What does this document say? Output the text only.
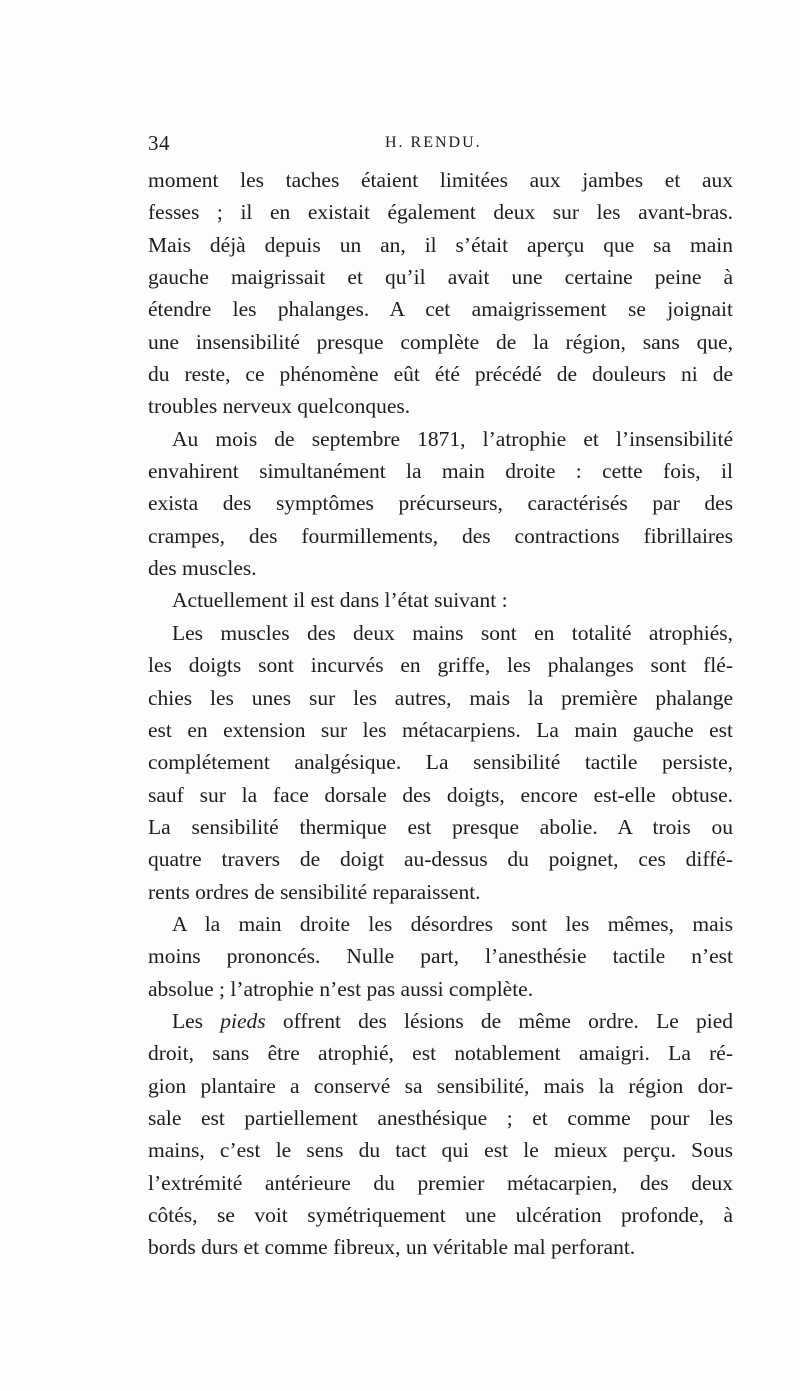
34	H. RENDU.
moment les taches étaient limitées aux jambes et aux
fesses ; il en existait également deux sur les avant-bras.
Mais déjà depuis un an, il s’était aperçu que sa main
gauche maigrissait et qu’il avait une certaine peine à
étendre les phalanges. A cet amaigrissement se joignait
une insensibilité presque complète de la région, sans que,
du reste, ce phénomène eût été précédé de douleurs ni de
troubles nerveux quelconques.
Au mois de septembre 1871, l’atrophie et l’insensibilité
envahirent simultanément la main droite : cette fois, il
exista des symptômes précurseurs, caractérisés par des
crampes, des fourmillements, des contractions fibrillaires
des muscles.
Actuellement il est dans l’état suivant :
Les muscles des deux mains sont en totalité atrophiés,
les doigts sont incurvés en griffe, les phalanges sont flé-
chies les unes sur les autres, mais la première phalange
est en extension sur les métacarpiens. La main gauche est
complétement analgésique. La sensibilité tactile persiste,
sauf sur la face dorsale des doigts, encore est-elle obtuse.
La sensibilité thermique est presque abolie. A trois ou
quatre travers de doigt au-dessus du poignet, ces diffé-
rents ordres de sensibilité reparaissent.
A la main droite les désordres sont les mêmes, mais
moins prononcés. Nulle part, l’anesthésie tactile n’est
absolue ; l’atrophie n’est pas aussi complète.
Les pieds offrent des lésions de même ordre. Le pied
droit, sans être atrophié, est notablement amaigri. La ré-
gion plantaire a conservé sa sensibilité, mais la région dor-
sale est partiellement anesthésique ; et comme pour les
mains, c’est le sens du tact qui est le mieux perçu. Sous
l’extrémité antérieure du premier métacarpien, des deux
côtés, se voit symétriquement une ulcération profonde, à
bords durs et comme fibreux, un véritable mal perforant.
